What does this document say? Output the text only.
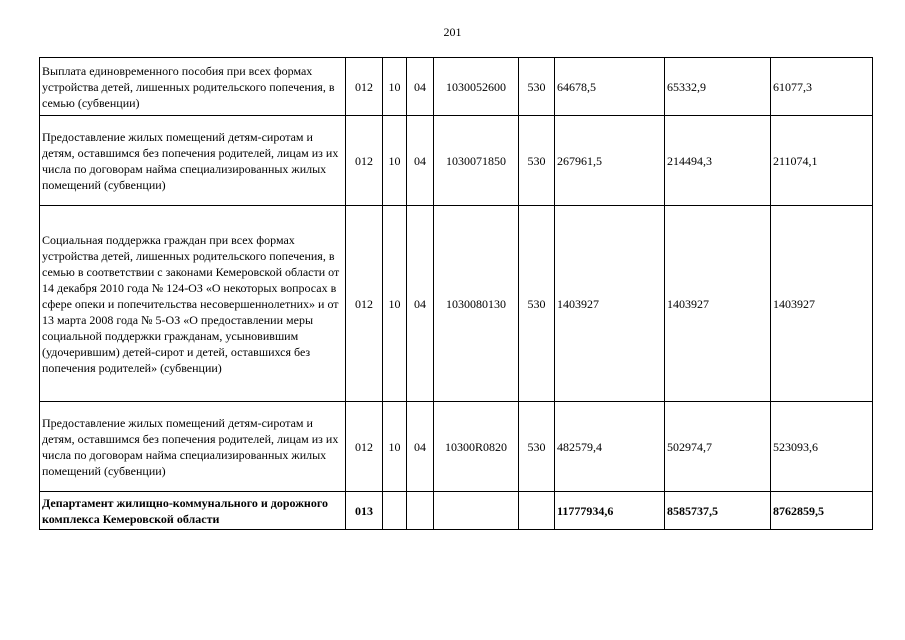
201
Выплата единовременного пособия при всех формах устройства детей, лишенных родительского попечения, в семью (субвенции)	012	10	04	1030052600	530	64678,5	65332,9	61077,3
Предоставление жилых помещений детям-сиротам и детям, оставшимся без попечения родителей, лицам из их числа по договорам найма специализированных жилых помещений (субвенции)	012	10	04	1030071850	530	267961,5	214494,3	211074,1
Социальная поддержка граждан при всех формах устройства детей, лишенных родительского попечения, в семью в соответствии с законами Кемеровской области от 14 декабря 2010 года № 124-ОЗ «О некоторых вопросах в сфере опеки и попечительства несовершеннолетних» и от 13 марта 2008 года № 5-ОЗ «О предоставлении меры социальной поддержки гражданам, усыновившим (удочерившим) детей-сирот и детей, оставшихся без попечения родителей» (субвенции)	012	10	04	1030080130	530	1403927	1403927	1403927
Предоставление жилых помещений детям-сиротам и детям, оставшимся без попечения родителей, лицам из их числа по договорам найма специализированных жилых помещений (субвенции)	012	10	04	10300R0820	530	482579,4	502974,7	523093,6
Департамент жилищно-коммунального и дорожного комплекса Кемеровской области	013					11777934,6	8585737,5	8762859,5
